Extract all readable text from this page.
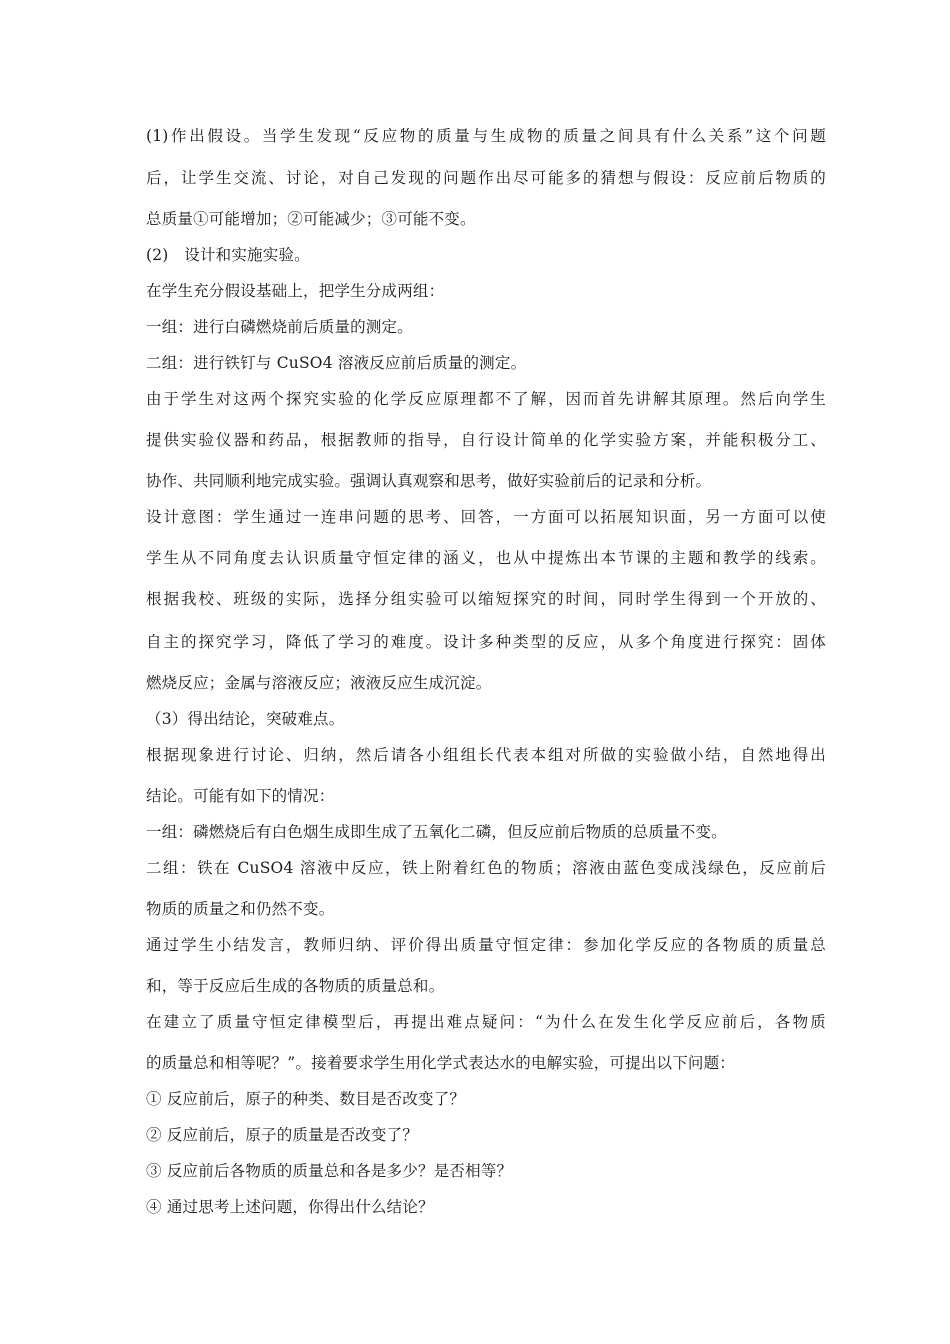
(1)作出假设。当学生发现“反应物的质量与生成物的质量之间具有什么关系”这个问题
后，让学生交流、讨论，对自己发现的问题作出尽可能多的猜想与假设：反应前后物质的
总质量①可能增加；②可能减少；③可能不变。
(2)　设计和实施实验。
在学生充分假设基础上，把学生分成两组：
一组：进行白磷燃烧前后质量的测定。
二组：进行铁钉与 CuSO4 溶液反应前后质量的测定。
由于学生对这两个探究实验的化学反应原理都不了解，因而首先讲解其原理。然后向学生
提供实验仪器和药品，根据教师的指导，自行设计简单的化学实验方案，并能积极分工、
协作、共同顺利地完成实验。强调认真观察和思考，做好实验前后的记录和分析。
设计意图：学生通过一连串问题的思考、回答，一方面可以拓展知识面，另一方面可以使
学生从不同角度去认识质量守恒定律的涵义，也从中提炼出本节课的主题和教学的线索。
根据我校、班级的实际，选择分组实验可以缩短探究的时间，同时学生得到一个开放的、
自主的探究学习，降低了学习的难度。设计多种类型的反应，从多个角度进行探究：固体
燃烧反应；金属与溶液反应；液液反应生成沉淀。
（3）得出结论，突破难点。
根据现象进行讨论、归纳，然后请各小组组长代表本组对所做的实验做小结，自然地得出
结论。可能有如下的情况：
一组：磷燃烧后有白色烟生成即生成了五氧化二磷，但反应前后物质的总质量不变。
二组：铁在 CuSO4 溶液中反应，铁上附着红色的物质；溶液由蓝色变成浅绿色，反应前后
物质的质量之和仍然不变。
通过学生小结发言，教师归纳、评价得出质量守恒定律：参加化学反应的各物质的质量总
和，等于反应后生成的各物质的质量总和。
在建立了质量守恒定律模型后，再提出难点疑问：“为什么在发生化学反应前后，各物质
的质量总和相等呢？”。接着要求学生用化学式表达水的电解实验，可提出以下问题：
① 反应前后，原子的种类、数目是否改变了？
② 反应前后，原子的质量是否改变了？
③ 反应前后各物质的质量总和各是多少？是否相等？
④ 通过思考上述问题，你得出什么结论？
